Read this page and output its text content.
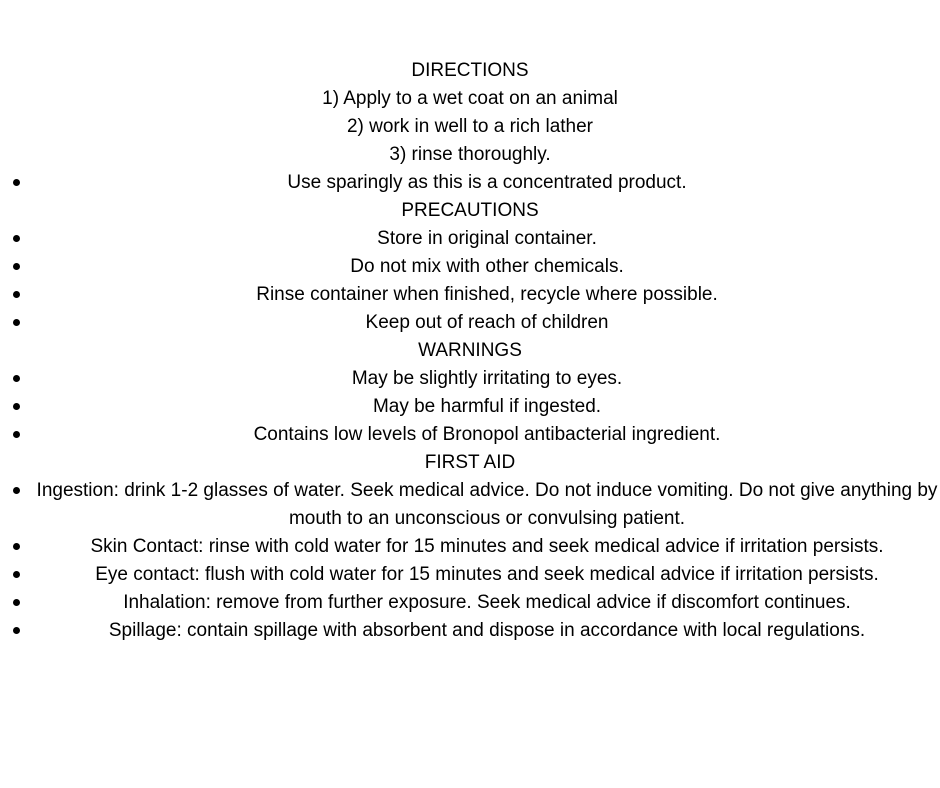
DIRECTIONS
1) Apply to a wet coat on an animal
2) work in well to a rich lather
3) rinse thoroughly.
Use sparingly as this is a concentrated product.
PRECAUTIONS
Store in original container.
Do not mix with other chemicals.
Rinse container when finished, recycle where possible.
Keep out of reach of children
WARNINGS
May be slightly irritating to eyes.
May be harmful if ingested.
Contains low levels of Bronopol antibacterial ingredient.
FIRST AID
Ingestion: drink 1-2 glasses of water. Seek medical advice. Do not induce vomiting. Do not give anything by mouth to an unconscious or convulsing patient.
Skin Contact: rinse with cold water for 15 minutes and seek medical advice if irritation persists.
Eye contact: flush with cold water for 15 minutes and seek medical advice if irritation persists.
Inhalation: remove from further exposure. Seek medical advice if discomfort continues.
Spillage: contain spillage with absorbent and dispose in accordance with local regulations.
